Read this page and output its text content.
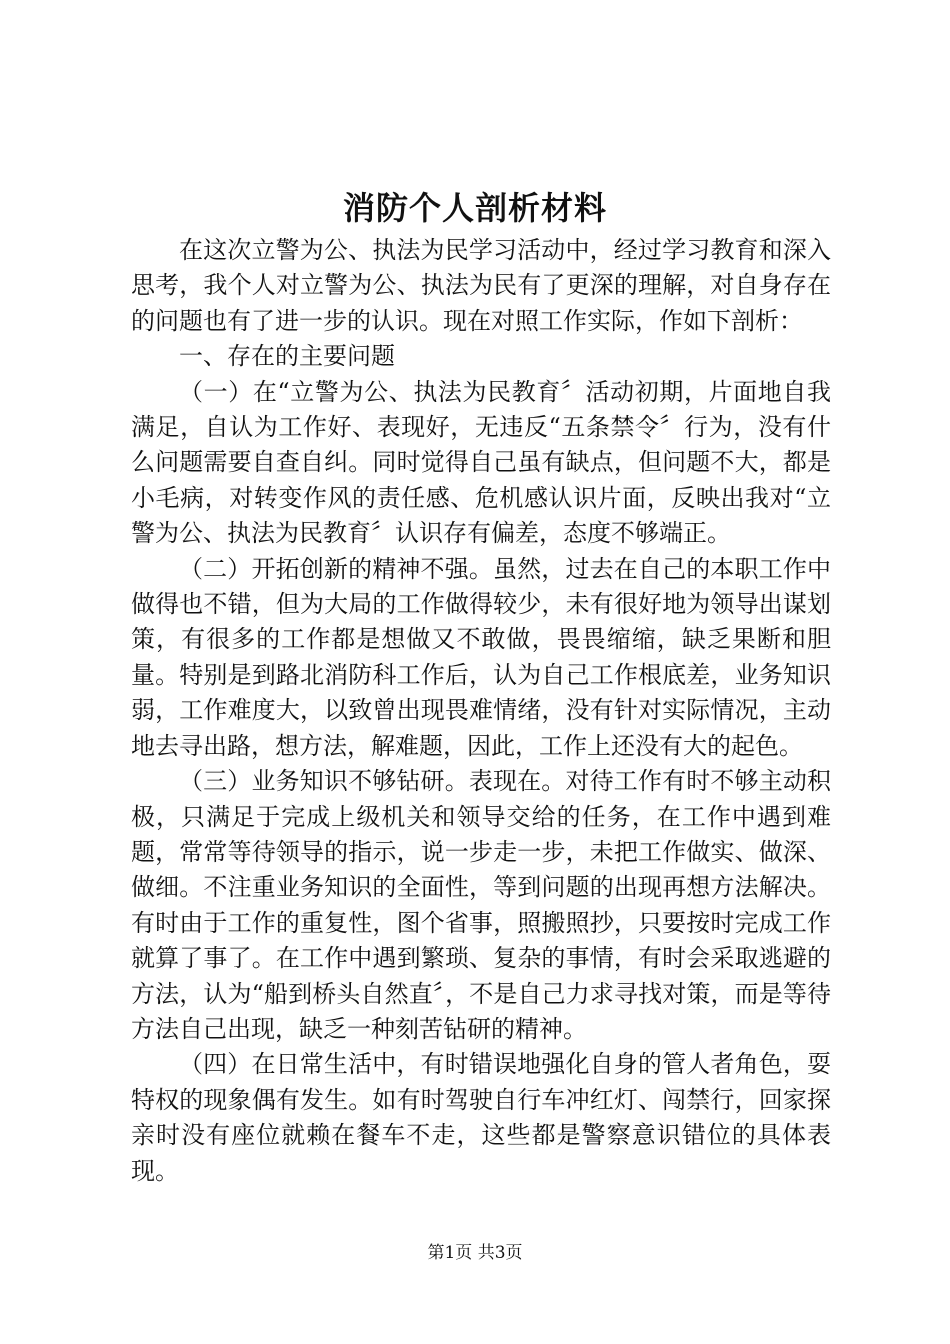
消防个人剖析材料

在这次立警为公、执法为民学习活动中，经过学习教育和深入思考，我个人对立警为公、执法为民有了更深的理解，对自身存在的问题也有了进一步的认识。现在对照工作实际，作如下剖析：

一、存在的主要问题

（一）在“立警为公、执法为民教育〞活动初期，片面地自我满足，自认为工作好、表现好，无违反“五条禁令〞行为，没有什么问题需要自查自纠。同时觉得自己虽有缺点，但问题不大，都是小毛病，对转变作风的责任感、危机感认识片面，反映出我对“立警为公、执法为民教育〞认识存有偏差，态度不够端正。

（二）开拓创新的精神不强。虽然，过去在自己的本职工作中做得也不错，但为大局的工作做得较少，未有很好地为领导出谋划策，有很多的工作都是想做又不敢做，畏畏缩缩，缺乏果断和胆量。特别是到路北消防科工作后，认为自己工作根底差，业务知识弱，工作难度大，以致曾出现畏难情绪，没有针对实际情况，主动地去寻出路，想方法，解难题，因此，工作上还没有大的起色。

（三）业务知识不够钻研。表现在。对待工作有时不够主动积极，只满足于完成上级机关和领导交给的任务，在工作中遇到难题，常常等待领导的指示，说一步走一步，未把工作做实、做深、做细。不注重业务知识的全面性，等到问题的出现再想方法解决。有时由于工作的重复性，图个省事，照搬照抄，只要按时完成工作就算了事了。在工作中遇到繁琐、复杂的事情，有时会采取逃避的方法，认为“船到桥头自然直〞，不是自己力求寻找对策，而是等待方法自己出现，缺乏一种刻苦钻研的精神。

（四）在日常生活中，有时错误地强化自身的管人者角色，耍特权的现象偶有发生。如有时驾驶自行车冲红灯、闯禁行，回家探亲时没有座位就赖在餐车不走，这些都是警察意识错位的具体表现。

第1页 共3页
